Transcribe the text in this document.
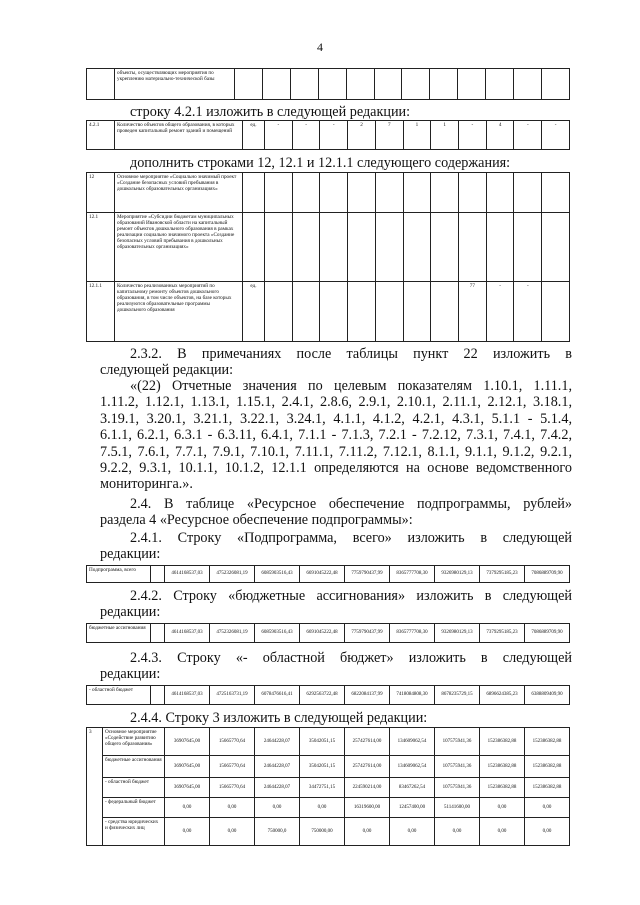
4
	объекты, осуществляющих мероприятия по укреплению материально-технической базы												
строку 4.2.1 изложить в следующей редакции:
4.2.1	Количество объектов общего образования, в которых проведен капитальный ремонт зданий и помещений	ед.	-	-	-	2	7	1	1	-	4	-	-
дополнить строками 12, 12.1 и 12.1.1 следующего содержания:
12	Основное мероприятие «Социально значимый проект «Создание безопасных условий пребывания в дошкольных образовательных организациях»												
12.1	Мероприятие «Субсидии бюджетам муниципальных образований Ивановской области на капитальный ремонт объектов дошкольного образования в рамках реализации социально значимого проекта «Создание безопасных условий пребывания в дошкольных образовательных организациях»												
12.1.1	Количество реализованных мероприятий по капитальному ремонту объектов дошкольного образования, в том числе объектов, на базе которых реализуются образовательные программы дошкольного образования	ед.								77	-	-	
2.3.2. В примечаниях после таблицы пункт 22 изложить в
следующей редакции:
«(22) Отчетные значения по целевым показателям 1.10.1, 1.11.1,
1.11.2, 1.12.1, 1.13.1, 1.15.1, 2.4.1, 2.8.6, 2.9.1, 2.10.1, 2.11.1, 2.12.1, 3.18.1,
3.19.1, 3.20.1, 3.21.1, 3.22.1, 3.24.1, 4.1.1, 4.1.2, 4.2.1, 4.3.1, 5.1.1 - 5.1.4,
6.1.1, 6.2.1, 6.3.1 - 6.3.11, 6.4.1, 7.1.1 - 7.1.3, 7.2.1 - 7.2.12, 7.3.1, 7.4.1, 7.4.2,
7.5.1, 7.6.1, 7.7.1, 7.9.1, 7.10.1, 7.11.1, 7.11.2, 7.12.1, 8.1.1, 9.1.1, 9.1.2, 9.2.1,
9.2.2, 9.3.1, 10.1.1, 10.1.2, 12.1.1 определяются на основе ведомственного
мониторинга.».
2.4. В таблице «Ресурсное обеспечение подпрограммы, рублей»
раздела 4 «Ресурсное обеспечение подпрограммы»:
2.4.1. Строку «Подпрограмма, всего» изложить в следующей
редакции:
Подпрограмма, всего		4614168537,03	4752326081,19	6085903516,43	6691045222,48	7759790437,99	8365777708,30	9326980129,13	7379295185,23	7086889709,90
2.4.2. Строку «бюджетные ассигнования» изложить в следующей
редакции:
бюджетные ассигнования		4614168537,03	4752326081,19	6085903516,43	6691045222,48	7759790437,99	8365777708,30	9326980129,13	7379295185,23	7086889709,90
2.4.3. Строку «- областной бюджет» изложить в следующей
редакции:
- областной бюджет		4614168537,03	4725163731,19	6078476616,41	6292563722,48	6822084137,99	7418084808,30	8678235729,15	6896624385,23	6388809409,90
2.4.4. Строку 3 изложить в следующей редакции:
3	Основное мероприятие «Содействие развитию общего образования»	36907645,00	15665770,64	24644228,07	35042051,15	257427614,00	134609062,54	107575941,36	152386382,88	152386382,88
	бюджетные ассигнования	36907645,00	15665770,64	24644228,07	35042051,15	257427614,00	134609062,54	107575941,36	152386382,88	152386382,88
	- областной бюджет	36907645,00	15665770,64	24644228,07	34472751,15	224590214,00	83467262,54	107575941,36	152386382,88	152386382,88
	- федеральный бюджет	0,00	0,00	0,00	0,00	16319600,00	12457400,00	51141600,00	0,00	0,00
	- средства юридических и физических лиц	0,00	0,00	750000,0	750000,00	0,00	0,00	0,00	0,00	0,00
